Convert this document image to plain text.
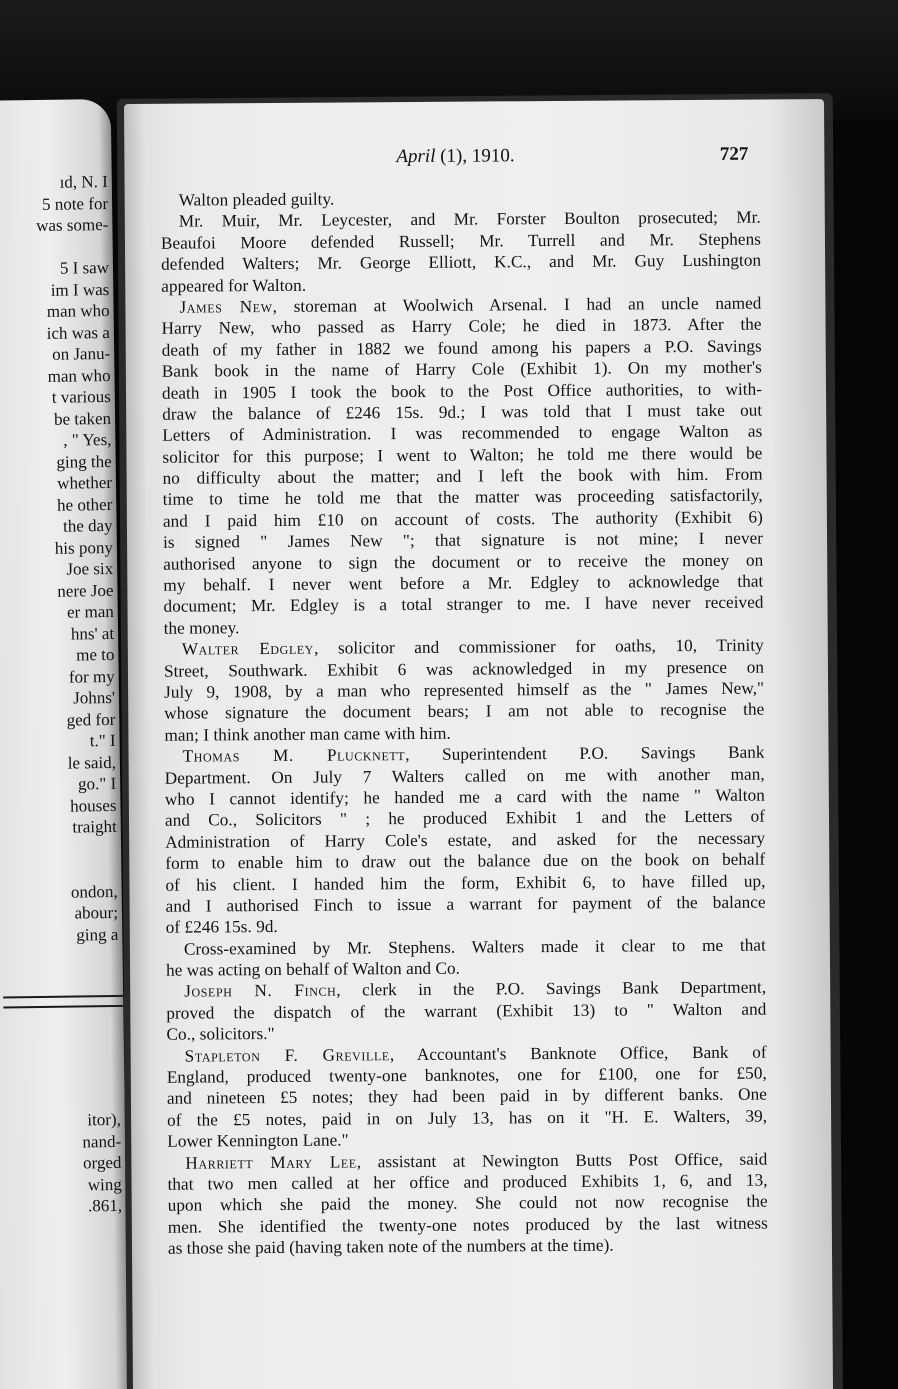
ıd, N. I
5 note for
was some-
5 I saw
im I was
man who
ich was a
on Janu-
man who
t various
be taken
, " Yes,
ging the
whether
he other
the day
his pony
Joe six
nere Joe
er man
hns' at
me to
for my
Johns'
ged for
t." I
le said,
go." I
houses
traight
ondon,
abour;
ging a
itor),
nand-
orged
wing
.861,
April (1), 1910.	727
Walton pleaded guilty.
Mr. Muir, Mr. Leycester, and Mr. Forster Boulton prosecuted; Mr.
Beaufoi Moore defended Russell; Mr. Turrell and Mr. Stephens
defended Walters; Mr. George Elliott, K.C., and Mr. Guy Lushington
appeared for Walton.
James New, storeman at Woolwich Arsenal. I had an uncle named
Harry New, who passed as Harry Cole; he died in 1873. After the
death of my father in 1882 we found among his papers a P.O. Savings
Bank book in the name of Harry Cole (Exhibit 1). On my mother's
death in 1905 I took the book to the Post Office authorities, to with-
draw the balance of £246 15s. 9d.; I was told that I must take out
Letters of Administration. I was recommended to engage Walton as
solicitor for this purpose; I went to Walton; he told me there would be
no difficulty about the matter; and I left the book with him. From
time to time he told me that the matter was proceeding satisfactorily,
and I paid him £10 on account of costs. The authority (Exhibit 6)
is signed " James New "; that signature is not mine; I never
authorised anyone to sign the document or to receive the money on
my behalf. I never went before a Mr. Edgley to acknowledge that
document; Mr. Edgley is a total stranger to me. I have never received
the money.
Walter Edgley, solicitor and commissioner for oaths, 10, Trinity
Street, Southwark. Exhibit 6 was acknowledged in my presence on
July 9, 1908, by a man who represented himself as the " James New,"
whose signature the document bears; I am not able to recognise the
man; I think another man came with him.
Thomas M. Plucknett, Superintendent P.O. Savings Bank
Department. On July 7 Walters called on me with another man,
who I cannot identify; he handed me a card with the name " Walton
and Co., Solicitors " ; he produced Exhibit 1 and the Letters of
Administration of Harry Cole's estate, and asked for the necessary
form to enable him to draw out the balance due on the book on behalf
of his client. I handed him the form, Exhibit 6, to have filled up,
and I authorised Finch to issue a warrant for payment of the balance
of £246 15s. 9d.
Cross-examined by Mr. Stephens. Walters made it clear to me that
he was acting on behalf of Walton and Co.
Joseph N. Finch, clerk in the P.O. Savings Bank Department,
proved the dispatch of the warrant (Exhibit 13) to " Walton and
Co., solicitors."
Stapleton F. Greville, Accountant's Banknote Office, Bank of
England, produced twenty-one banknotes, one for £100, one for £50,
and nineteen £5 notes; they had been paid in by different banks. One
of the £5 notes, paid in on July 13, has on it "H. E. Walters, 39,
Lower Kennington Lane."
Harriett Mary Lee, assistant at Newington Butts Post Office, said
that two men called at her office and produced Exhibits 1, 6, and 13,
upon which she paid the money. She could not now recognise the
men. She identified the twenty-one notes produced by the last witness
as those she paid (having taken note of the numbers at the time).
